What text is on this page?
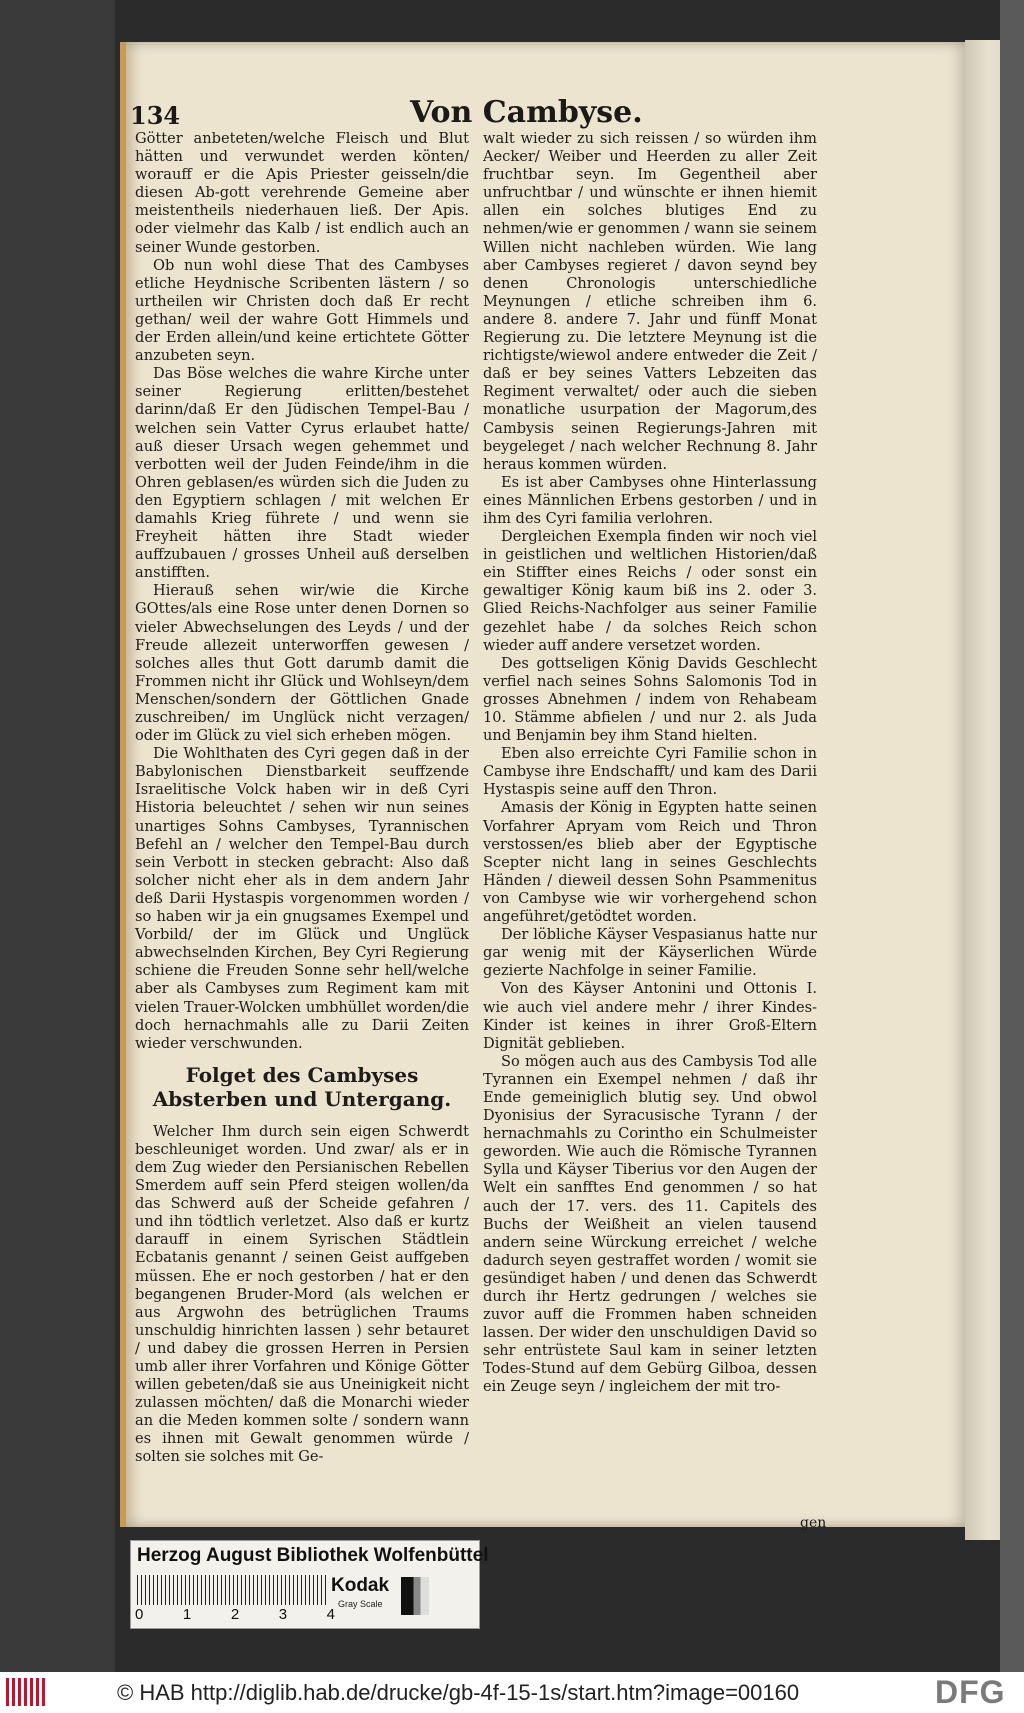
134	Von Cambyse.

Götter anbeteten/welche Fleisch und Blut hätten und verwundet werden könten/ worauff er die Apis Priester geisseln/die diesen Ab-gott verehrende Gemeine aber meistentheils niederhauen ließ. Der Apis. oder vielmehr das Kalb / ist endlich auch an seiner Wunde gestorben.

Ob nun wohl diese That des Cambyses etliche Heydnische Scribenten lästern / so urtheilen wir Christen doch daß Er recht gethan/ weil der wahre Gott Himmels und der Erden allein/und keine ertichtete Götter anzubeten seyn.

Das Böse welches die wahre Kirche unter seiner Regierung erlitten/bestehet darinn/daß Er den Jüdischen Tempel-Bau / welchen sein Vatter Cyrus erlaubet hatte/ auß dieser Ursach wegen gehemmet und verbotten weil der Juden Feinde/ihm in die Ohren geblasen/es würden sich die Juden zu den Egyptiern schlagen / mit welchen Er damahls Krieg führete / und wenn sie Freyheit hätten ihre Stadt wieder auffzubauen / grosses Unheil auß derselben anstifften.

Hierauß sehen wir/wie die Kirche GOttes/als eine Rose unter denen Dornen so vieler Abwechselungen des Leyds / und der Freude allezeit unterworffen gewesen / solches alles thut Gott darumb damit die Frommen nicht ihr Glück und Wohlseyn/dem Menschen/sondern der Göttlichen Gnade zuschreiben/ im Unglück nicht verzagen/ oder im Glück zu viel sich erheben mögen.

Die Wohlthaten des Cyri gegen daß in der Babylonischen Dienstbarkeit seuffzende Israelitische Volck haben wir in deß Cyri Historia beleuchtet / sehen wir nun seines unartiges Sohns Cambyses, Tyrannischen Befehl an / welcher den Tempel-Bau durch sein Verbott in stecken gebracht: Also daß solcher nicht eher als in dem andern Jahr deß Darii Hystaspis vorgenommen worden / so haben wir ja ein gnugsames Exempel und Vorbild/ der im Glück und Unglück abwechselnden Kirchen, Bey Cyri Regierung schiene die Freuden Sonne sehr hell/welche aber als Cambyses zum Regiment kam mit vielen Trauer-Wolcken umbhüllet worden/die doch hernachmahls alle zu Darii Zeiten wieder verschwunden.

Folget des Cambyses Absterben und Untergang.

Welcher Ihm durch sein eigen Schwerdt beschleuniget worden. Und zwar/ als er in dem Zug wieder den Persianischen Rebellen Smerdem auff sein Pferd steigen wollen/da das Schwerd auß der Scheide gefahren / und ihn tödtlich verletzet. Also daß er kurtz darauff in einem Syrischen Städtlein Ecbatanis genannt / seinen Geist auffgeben müssen. Ehe er noch gestorben / hat er den begangenen Bruder-Mord (als welchen er aus Argwohn des betrüglichen Traums unschuldig hinrichten lassen ) sehr betauret / und dabey die grossen Herren in Persien umb aller ihrer Vorfahren und Könige Götter willen gebeten/daß sie aus Uneinigkeit nicht zulassen möchten/ daß die Monarchi wieder an die Meden kommen solte / sondern wann es ihnen mit Gewalt genommen würde / solten sie solches mit Ge-

walt wieder zu sich reissen / so würden ihm Aecker/ Weiber und Heerden zu aller Zeit fruchtbar seyn. Im Gegentheil aber unfruchtbar / und wünschte er ihnen hiemit allen ein solches blutiges End zu nehmen/wie er genommen / wann sie seinem Willen nicht nachleben würden. Wie lang aber Cambyses regieret / davon seynd bey denen Chronologis unterschiedliche Meynungen / etliche schreiben ihm 6. andere 8. andere 7. Jahr und fünff Monat Regierung zu. Die letztere Meynung ist die richtigste/wiewol andere entweder die Zeit / daß er bey seines Vatters Lebzeiten das Regiment verwaltet/ oder auch die sieben monatliche usurpation der Magorum,des Cambysis seinen Regierungs-Jahren mit beygeleget / nach welcher Rechnung 8. Jahr heraus kommen würden.

Es ist aber Cambyses ohne Hinterlassung eines Männlichen Erbens gestorben / und in ihm des Cyri familia verlohren.

Dergleichen Exempla finden wir noch viel in geistlichen und weltlichen Historien/daß ein Stiffter eines Reichs / oder sonst ein gewaltiger König kaum biß ins 2. oder 3. Glied Reichs-Nachfolger aus seiner Familie gezehlet habe / da solches Reich schon wieder auff andere versetzet worden.

Des gottseligen König Davids Geschlecht verfiel nach seines Sohns Salomonis Tod in grosses Abnehmen / indem von Rehabeam 10. Stämme abfielen / und nur 2. als Juda und Benjamin bey ihm Stand hielten.

Eben also erreichte Cyri Familie schon in Cambyse ihre Endschafft/ und kam des Darii Hystaspis seine auff den Thron.

Amasis der König in Egypten hatte seinen Vorfahrer Apryam vom Reich und Thron verstossen/es blieb aber der Egyptische Scepter nicht lang in seines Geschlechts Händen / dieweil dessen Sohn Psammenitus von Cambyse wie wir vorhergehend schon angeführet/getödtet worden.

Der löbliche Käyser Vespasianus hatte nur gar wenig mit der Käyserlichen Würde gezierte Nachfolge in seiner Familie.

Von des Käyser Antonini und Ottonis I. wie auch viel andere mehr / ihrer Kindes-Kinder ist keines in ihrer Groß-Eltern Dignität geblieben.

So mögen auch aus des Cambysis Tod alle Tyrannen ein Exempel nehmen / daß ihr Ende gemeiniglich blutig sey. Und obwol Dyonisius der Syracusische Tyrann / der hernachmahls zu Corintho ein Schulmeister geworden. Wie auch die Römische Tyrannen Sylla und Käyser Tiberius vor den Augen der Welt ein sanfftes End genommen / so hat auch der 17. vers. des 11. Capitels des Buchs der Weißheit an vielen tausend andern seine Würckung erreichet / welche dadurch seyen gestraffet worden / womit sie gesündiget haben / und denen das Schwerdt durch ihr Hertz gedrungen / welches sie zuvor auff die Frommen haben schneiden lassen. Der wider den unschuldigen David so sehr entrüstete Saul kam in seiner letzten Todes-Stund auf dem Gebürg Gilboa, dessen ein Zeuge seyn / ingleichem der mit tro-

gen
Herzog August Bibliothek Wolfenbüttel
0	1	2	3	4
Kodak
Gray Scale
© HAB http://diglib.hab.de/drucke/gb-4f-15-1s/start.htm?image=00160	DFG
